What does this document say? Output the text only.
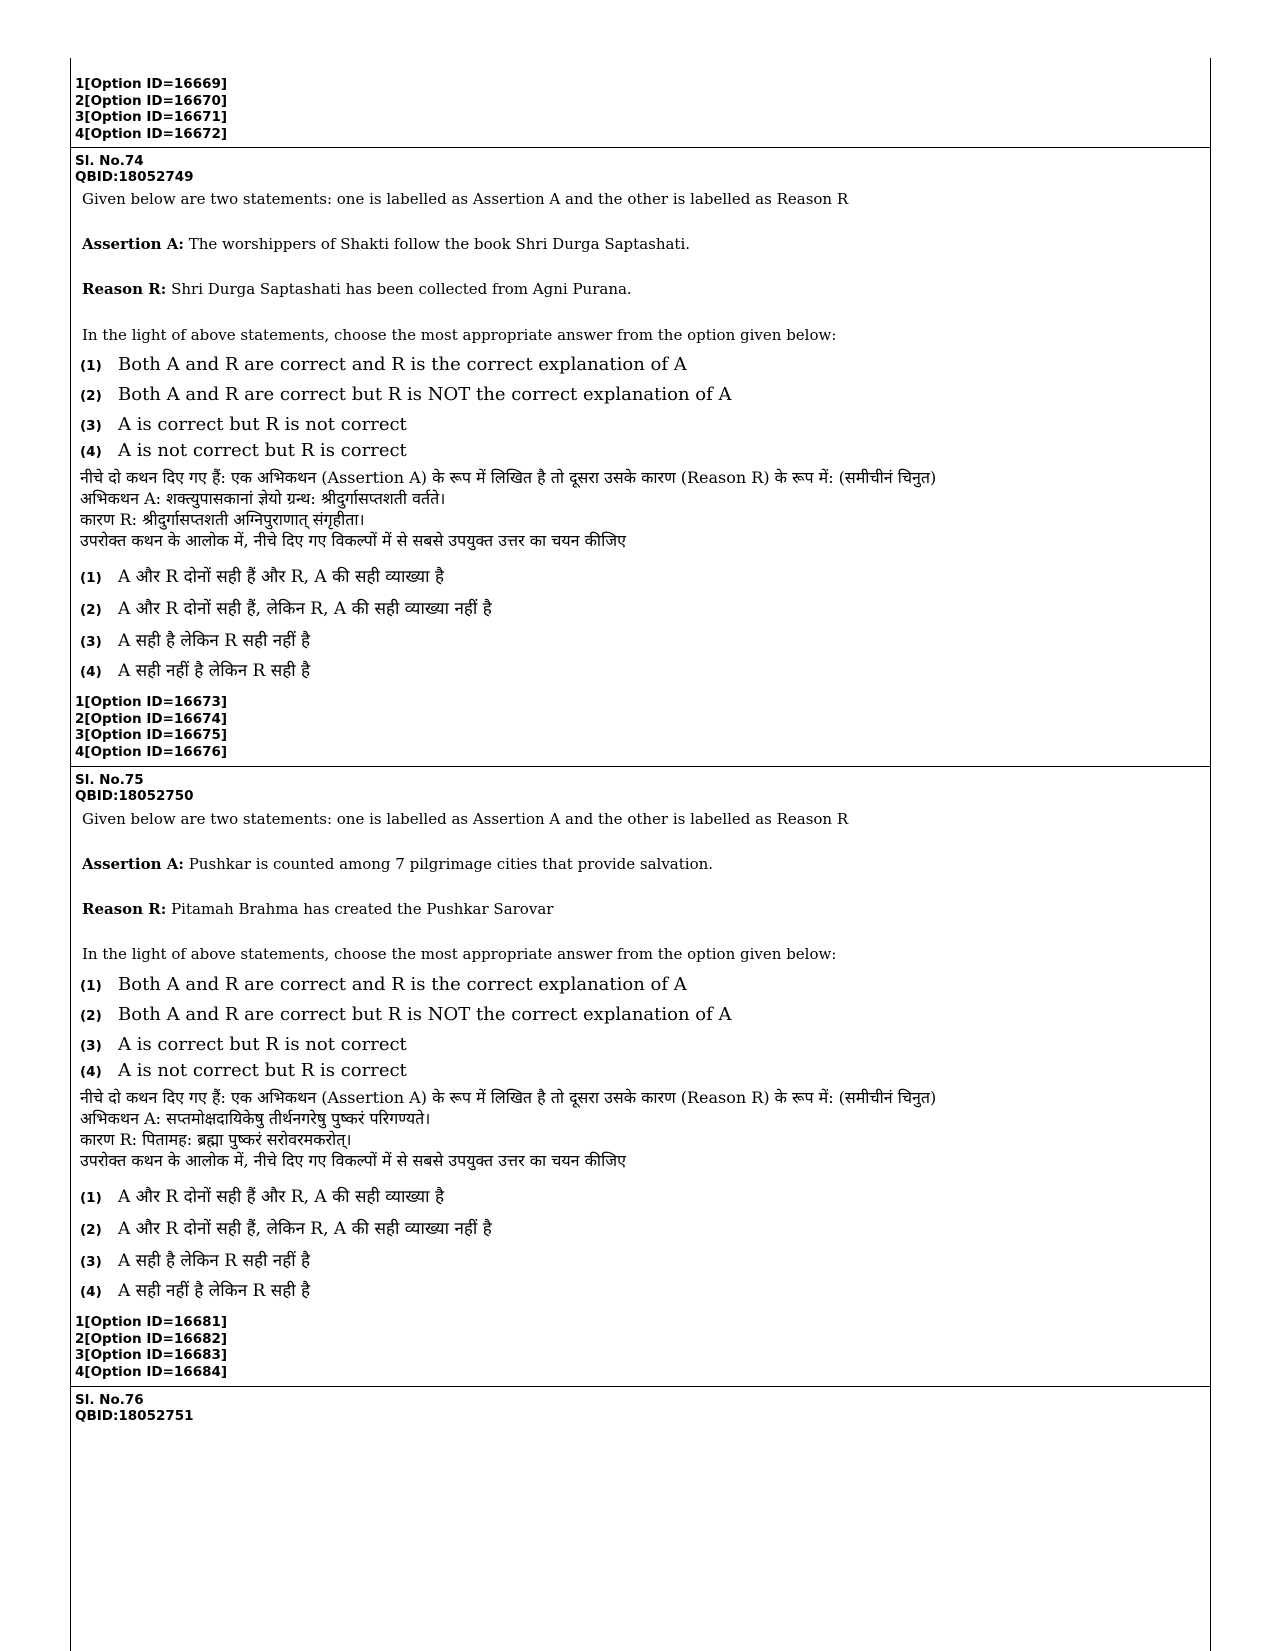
1[Option ID=16669]
2[Option ID=16670]
3[Option ID=16671]
4[Option ID=16672]
Sl. No.74
QBID:18052749
Given below are two statements: one is labelled as Assertion A and the other is labelled as Reason R
Assertion A: The worshippers of Shakti follow the book Shri Durga Saptashati.
Reason R: Shri Durga Saptashati has been collected from Agni Purana.
In the light of above statements, choose the most appropriate answer from the option given below:
(1) Both A and R are correct and R is the correct explanation of A
(2) Both A and R are correct but R is NOT the correct explanation of A
(3) A is correct but R is not correct
(4) A is not correct but R is correct
नीचे दो कथन दिए गए हैं: एक अभिकथन (Assertion A) के रूप में लिखित है तो दूसरा उसके कारण (Reason R) के रूप में: (समीचीनं चिनुत)
अभिकथन A: शक्त्युपासकानां ज्ञेयो ग्रन्थ: श्रीदुर्गासप्तशती वर्तते।
कारण R: श्रीदुर्गासप्तशती अग्निपुराणात् संगृहीता।
उपरोक्त कथन के आलोक में, नीचे दिए गए विकल्पों में से सबसे उपयुक्त उत्तर का चयन कीजिए
(1) A और R दोनों सही हैं और R, A की सही व्याख्या है
(2) A और R दोनों सही हैं, लेकिन R, A की सही व्याख्या नहीं है
(3) A सही है लेकिन R सही नहीं है
(4) A सही नहीं है लेकिन R सही है
1[Option ID=16673]
2[Option ID=16674]
3[Option ID=16675]
4[Option ID=16676]
Sl. No.75
QBID:18052750
Given below are two statements: one is labelled as Assertion A and the other is labelled as Reason R
Assertion A: Pushkar is counted among 7 pilgrimage cities that provide salvation.
Reason R: Pitamah Brahma has created the Pushkar Sarovar
In the light of above statements, choose the most appropriate answer from the option given below:
(1) Both A and R are correct and R is the correct explanation of A
(2) Both A and R are correct but R is NOT the correct explanation of A
(3) A is correct but R is not correct
(4) A is not correct but R is correct
नीचे दो कथन दिए गए हैं: एक अभिकथन (Assertion A) के रूप में लिखित है तो दूसरा उसके कारण (Reason R) के रूप में: (समीचीनं चिनुत)
अभिकथन A: सप्तमोक्षदायिकेषु तीर्थनगरेषु पुष्करं परिगण्यते।
कारण R: पितामह: ब्रह्मा पुष्करं सरोवरमकरोत्।
उपरोक्त कथन के आलोक में, नीचे दिए गए विकल्पों में से सबसे उपयुक्त उत्तर का चयन कीजिए
(1) A और R दोनों सही हैं और R, A की सही व्याख्या है
(2) A और R दोनों सही हैं, लेकिन R, A की सही व्याख्या नहीं है
(3) A सही है लेकिन R सही नहीं है
(4) A सही नहीं है लेकिन R सही है
1[Option ID=16681]
2[Option ID=16682]
3[Option ID=16683]
4[Option ID=16684]
Sl. No.76
QBID:18052751
